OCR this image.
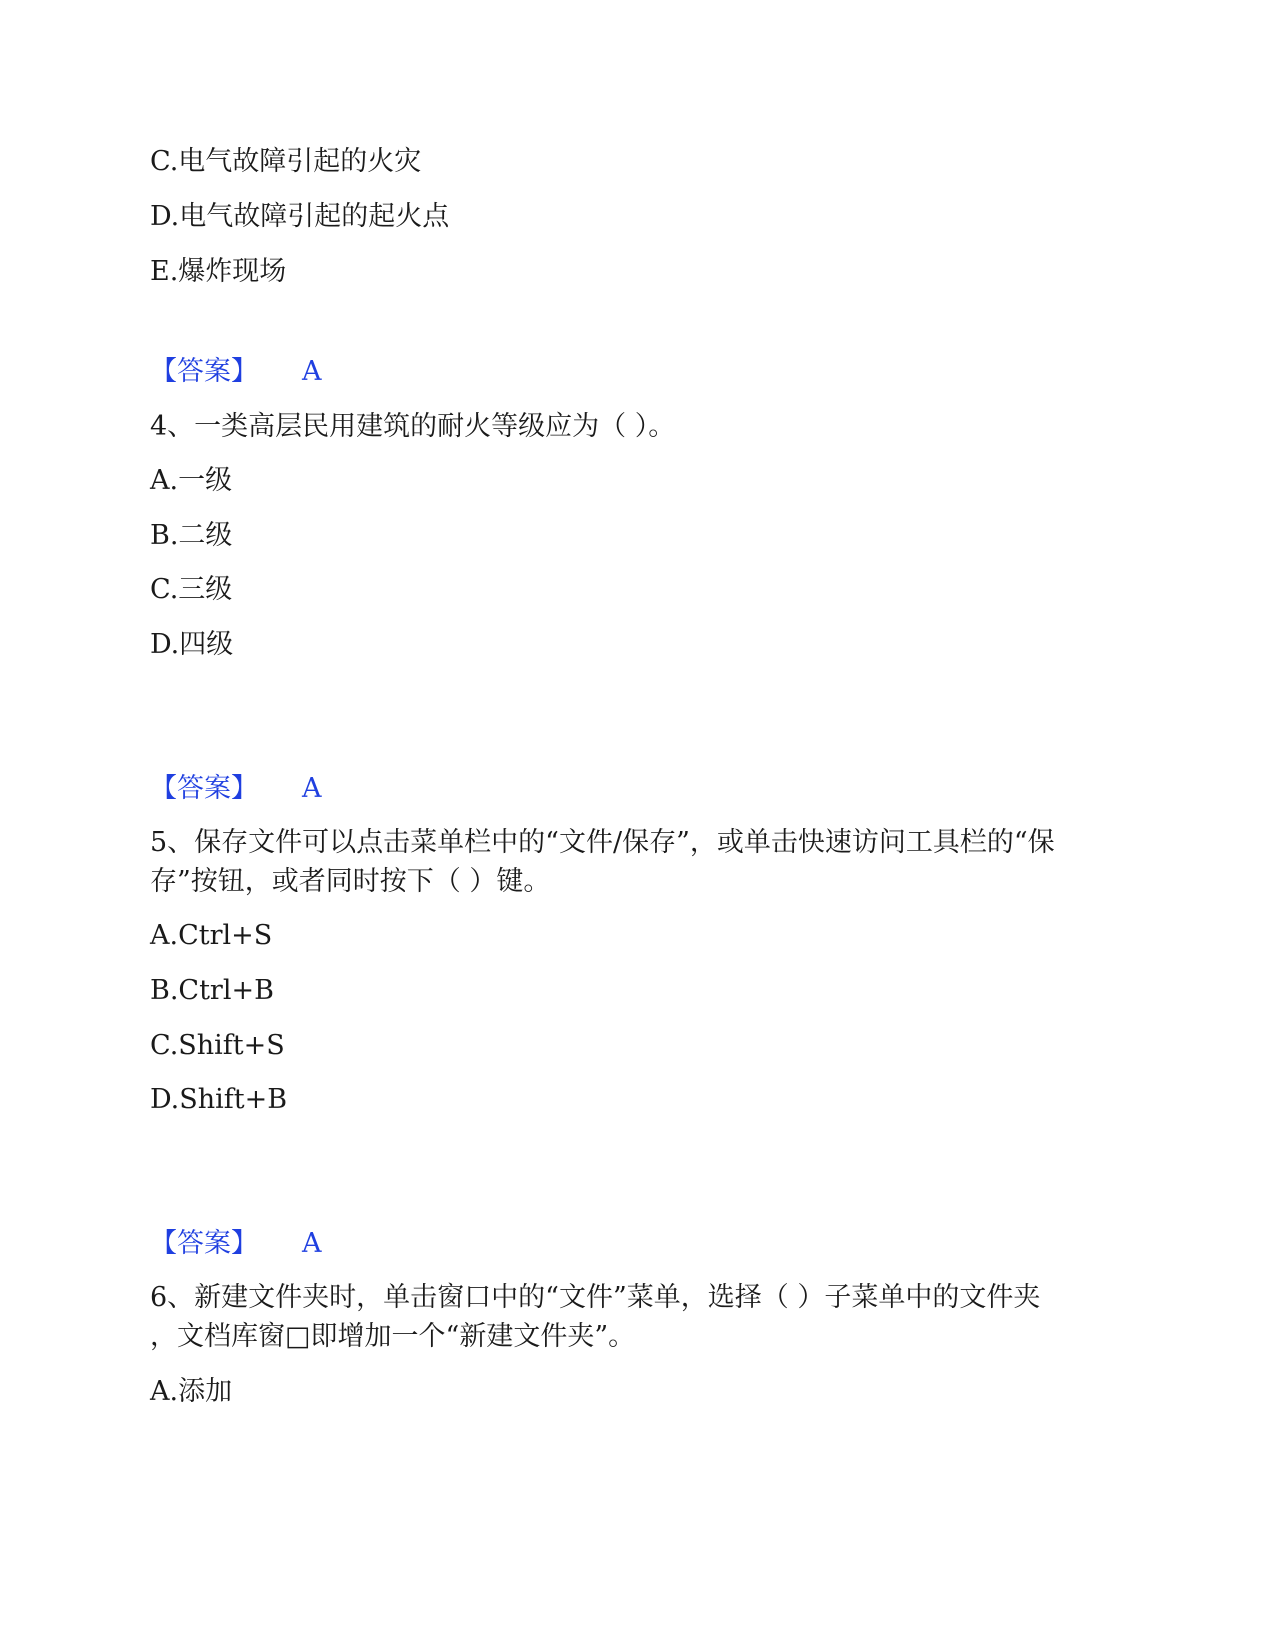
C.电气故障引起的火灾
D.电气故障引起的起火点
E.爆炸现场
【答案】 A
4、一类高层民用建筑的耐火等级应为（ ）。
A.一级
B.二级
C.三级
D.四级
【答案】 A
5、保存文件可以点击菜单栏中的“文件/保存”，或单击快速访问工具栏的“保
存”按钮，或者同时按下（ ）键。
A.Ctrl+S
B.Ctrl+B
C.Shift+S
D.Shift+B
【答案】 A
6、新建文件夹时，单击窗口中的“文件”菜单，选择（ ）子菜单中的文件夹
，文档库窗□即增加一个“新建文件夹”。
A.添加
